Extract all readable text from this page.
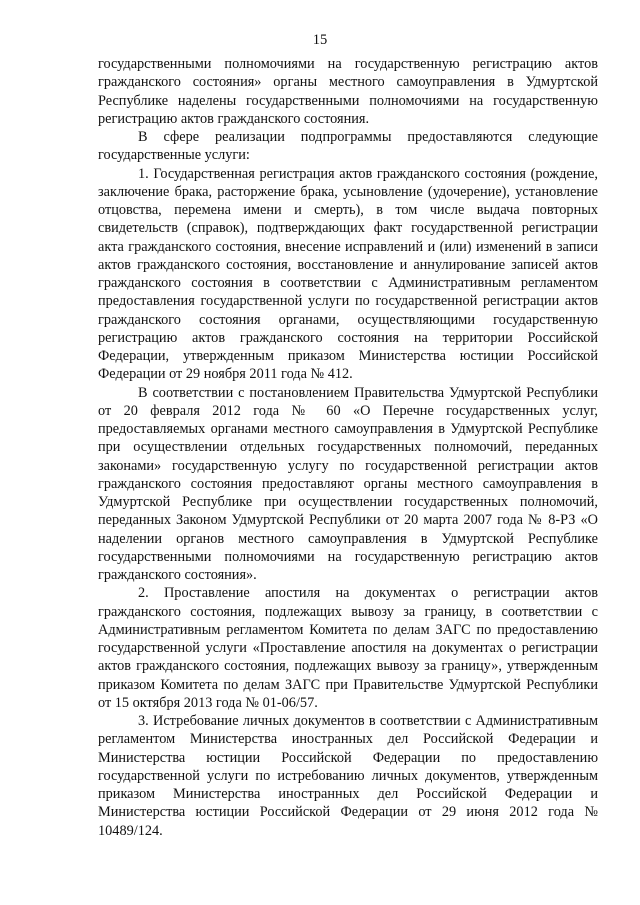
15

государственными полномочиями на государственную регистрацию актов гражданского состояния» органы местного самоуправления в Удмуртской Республике наделены государственными полномочиями на государственную регистрацию актов гражданского состояния.

В сфере реализации подпрограммы предоставляются следующие государственные услуги:

1. Государственная регистрация актов гражданского состояния (рождение, заключение брака, расторжение брака, усыновление (удочерение), установление отцовства, перемена имени и смерть), в том числе выдача повторных свидетельств (справок), подтверждающих факт государственной регистрации акта гражданского состояния, внесение исправлений и (или) изменений в записи актов гражданского состояния, восстановление и аннулирование записей актов гражданского состояния в соответствии с Административным регламентом предоставления государственной услуги по государственной регистрации актов гражданского состояния органами, осуществляющими государственную регистрацию актов гражданского состояния на территории Российской Федерации, утвержденным приказом Министерства юстиции Российской Федерации от 29 ноября 2011 года № 412.

В соответствии с постановлением Правительства Удмуртской Республики от 20 февраля 2012 года № 60 «О Перечне государственных услуг, предоставляемых органами местного самоуправления в Удмуртской Республике при осуществлении отдельных государственных полномочий, переданных законами» государственную услугу по государственной регистрации актов гражданского состояния предоставляют органы местного самоуправления в Удмуртской Республике при осуществлении государственных полномочий, переданных Законом Удмуртской Республики от 20 марта 2007 года № 8-РЗ «О наделении органов местного самоуправления в Удмуртской Республике государственными полномочиями на государственную регистрацию актов гражданского состояния».

2. Проставление апостиля на документах о регистрации актов гражданского состояния, подлежащих вывозу за границу, в соответствии с Административным регламентом Комитета по делам ЗАГС по предоставлению государственной услуги «Проставление апостиля на документах о регистрации актов гражданского состояния, подлежащих вывозу за границу», утвержденным приказом Комитета по делам ЗАГС при Правительстве Удмуртской Республики от 15 октября 2013 года № 01-06/57.

3. Истребование личных документов в соответствии с Административным регламентом Министерства иностранных дел Российской Федерации и Министерства юстиции Российской Федерации по предоставлению государственной услуги по истребованию личных документов, утвержденным приказом Министерства иностранных дел Российской Федерации и Министерства юстиции Российской Федерации от 29 июня 2012 года № 10489/124.
